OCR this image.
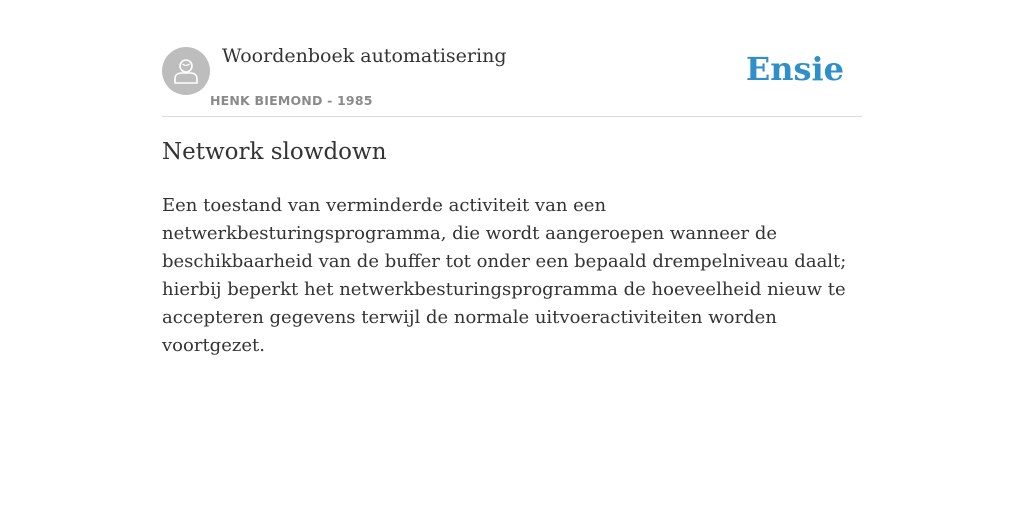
Woordenboek automatisering
HENK BIEMOND - 1985
Ensie
Network slowdown

Een toestand van verminderde activiteit van een netwerkbesturingsprogramma, die wordt aangeroepen wanneer de beschikbaarheid van de buffer tot onder een bepaald drempelniveau daalt; hierbij beperkt het netwerkbesturingsprogramma de hoeveelheid nieuw te accepteren gegevens terwijl de normale uitvoeractiviteiten worden voortgezet.
